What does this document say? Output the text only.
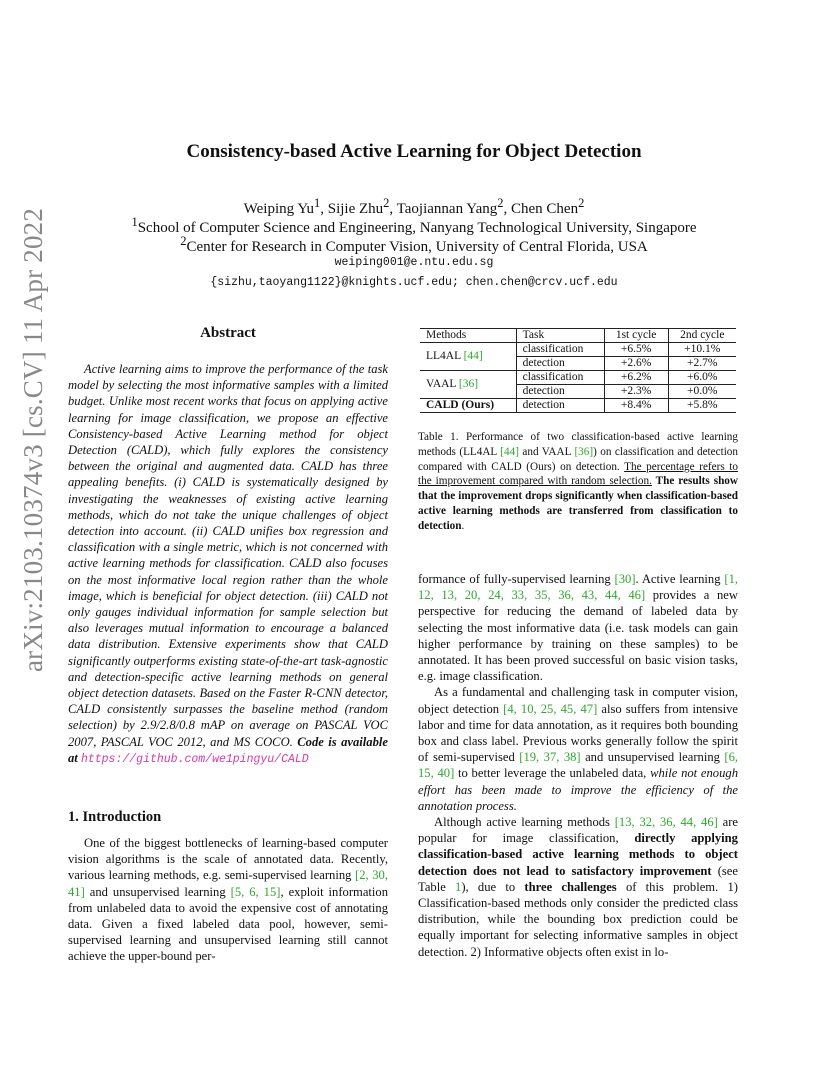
arXiv:2103.10374v3 [cs.CV] 11 Apr 2022
Consistency-based Active Learning for Object Detection
Weiping Yu$^1$, Sijie Zhu$^2$, Taojiannan Yang$^2$, Chen Chen$^2$
$^1$School of Computer Science and Engineering, Nanyang Technological University, Singapore
$^2$Center for Research in Computer Vision, University of Central Florida, USA
weiping001@e.ntu.edu.sg
{sizhu,taoyang1122}@knights.ucf.edu; chen.chen@crcv.ucf.edu
Abstract

Active learning aims to improve the performance of the task model by selecting the most informative samples with a limited budget. Unlike most recent works that focus on applying active learning for image classification, we propose an effective Consistency-based Active Learning method for object Detection (CALD), which fully explores the consistency between the original and augmented data. CALD has three appealing benefits. (i) CALD is systematically designed by investigating the weaknesses of existing active learning methods, which do not take the unique challenges of object detection into account. (ii) CALD unifies box regression and classification with a single metric, which is not concerned with active learning methods for classification. CALD also focuses on the most informative local region rather than the whole image, which is beneficial for object detection. (iii) CALD not only gauges individual information for sample selection but also leverages mutual information to encourage a balanced data distribution. Extensive experiments show that CALD significantly outperforms existing state-of-the-art task-agnostic and detection-specific active learning methods on general object detection datasets. Based on the Faster R-CNN detector, CALD consistently surpasses the baseline method (random selection) by 2.9/2.8/0.8 mAP on average on PASCAL VOC 2007, PASCAL VOC 2012, and MS COCO. Code is available at https://github.com/we1pingyu/CALD

1. Introduction

One of the biggest bottlenecks of learning-based computer vision algorithms is the scale of annotated data. Recently, various learning methods, e.g. semi-supervised learning [2, 30, 41] and unsupervised learning [5, 6, 15], exploit information from unlabeled data to avoid the expensive cost of annotating data. Given a fixed labeled data pool, however, semi-supervised learning and unsupervised learning still cannot achieve the upper-bound per-

Methods	Task	1st cycle	2nd cycle
LL4AL [44]	classification	+6.5%	+10.1%
	detection	+2.6%	+2.7%
VAAL [36]	classification	+6.2%	+6.0%
	detection	+2.3%	+0.0%
CALD (Ours)	detection	+8.4%	+5.8%
Table 1. Performance of two classification-based active learning methods (LL4AL [44] and VAAL [36]) on classification and detection compared with CALD (Ours) on detection. The percentage refers to the improvement compared with random selection. The results show that the improvement drops significantly when classification-based active learning methods are transferred from classification to detection.

formance of fully-supervised learning [30]. Active learning [1, 12, 13, 20, 24, 33, 35, 36, 43, 44, 46] provides a new perspective for reducing the demand of labeled data by selecting the most informative data (i.e. task models can gain higher performance by training on these samples) to be annotated. It has been proved successful on basic vision tasks, e.g. image classification.

As a fundamental and challenging task in computer vision, object detection [4, 10, 25, 45, 47] also suffers from intensive labor and time for data annotation, as it requires both bounding box and class label. Previous works generally follow the spirit of semi-supervised [19, 37, 38] and unsupervised learning [6, 15, 40] to better leverage the unlabeled data, while not enough effort has been made to improve the efficiency of the annotation process.

Although active learning methods [13, 32, 36, 44, 46] are popular for image classification, directly applying classification-based active learning methods to object detection does not lead to satisfactory improvement (see Table 1), due to three challenges of this problem. 1) Classification-based methods only consider the predicted class distribution, while the bounding box prediction could be equally important for selecting informative samples in object detection. 2) Informative objects often exist in lo-
